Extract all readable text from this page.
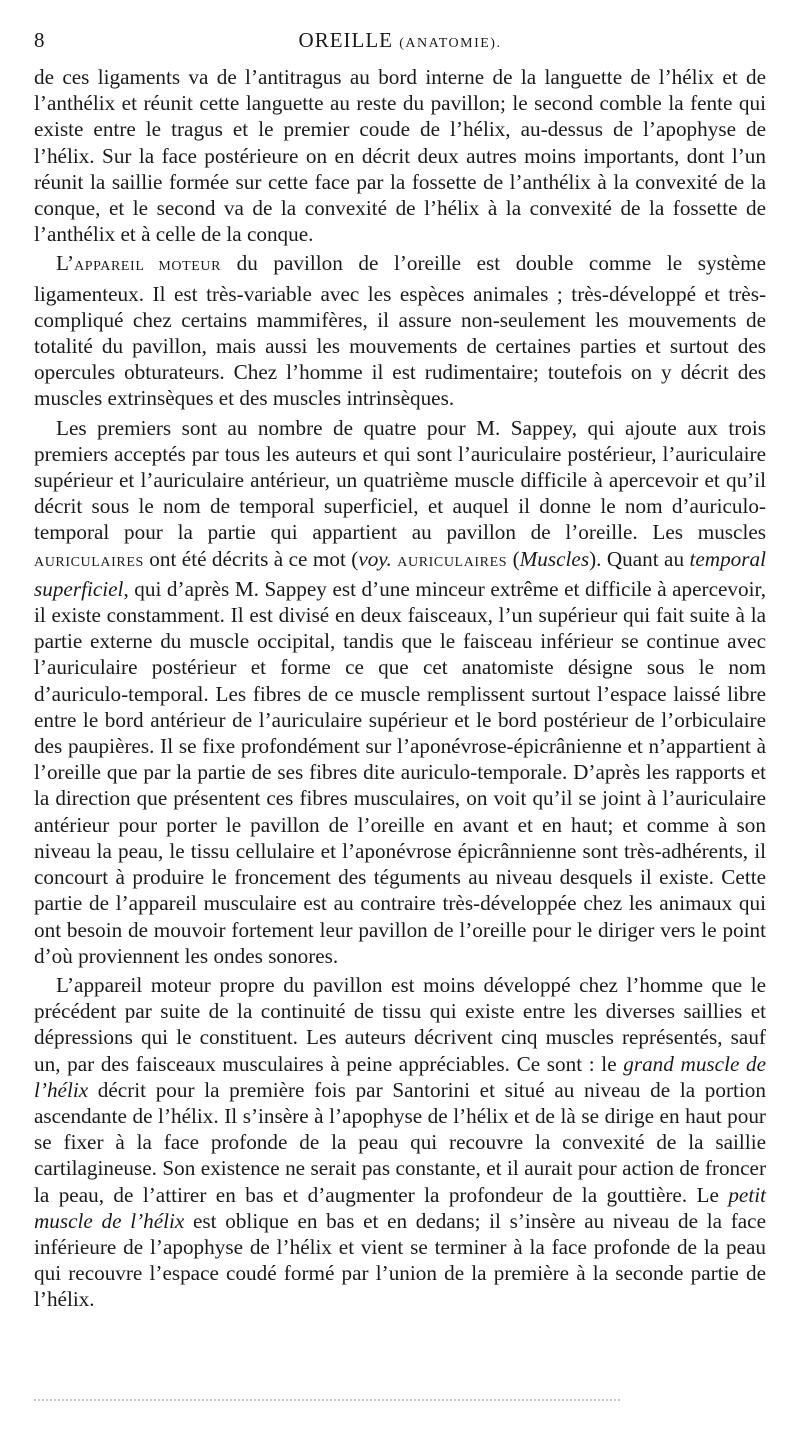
8	OREILLE (ANATOMIE).

de ces ligaments va de l’antitragus au bord interne de la languette de l’hélix et de l’anthélix et réunit cette languette au reste du pavillon; le second comble la fente qui existe entre le tragus et le premier coude de l’hélix, au-dessus de l’apophyse de l’hélix. Sur la face postérieure on en décrit deux autres moins importants, dont l’un réunit la saillie formée sur cette face par la fossette de l’anthélix à la convexité de la conque, et le second va de la convexité de l’hélix à la convexité de la fossette de l’anthélix et à celle de la conque.

L’APPAREIL MOTEUR du pavillon de l’oreille est double comme le système ligamenteux. Il est très-variable avec les espèces animales ; très-développé et très-compliqué chez certains mammifères, il assure non-seulement les mouvements de totalité du pavillon, mais aussi les mouvements de certaines parties et surtout des opercules obturateurs. Chez l’homme il est rudimentaire; toutefois on y décrit des muscles extrinsèques et des muscles intrinsèques.

Les premiers sont au nombre de quatre pour M. Sappey, qui ajoute aux trois premiers acceptés par tous les auteurs et qui sont l’auriculaire postérieur, l’auriculaire supérieur et l’auriculaire antérieur, un quatrième muscle difficile à apercevoir et qu’il décrit sous le nom de temporal superficiel, et auquel il donne le nom d’auriculo-temporal pour la partie qui appartient au pavillon de l’oreille. Les muscles AURICULAIRES ont été décrits à ce mot (voy. AURICULAIRES (Muscles). Quant au temporal superficiel, qui d’après M. Sappey est d’une minceur extrême et difficile à apercevoir, il existe constamment. Il est divisé en deux faisceaux, l’un supérieur qui fait suite à la partie externe du muscle occipital, tandis que le faisceau inférieur se continue avec l’auriculaire postérieur et forme ce que cet anatomiste désigne sous le nom d’auriculo-temporal. Les fibres de ce muscle remplissent surtout l’espace laissé libre entre le bord antérieur de l’auriculaire supérieur et le bord postérieur de l’orbiculaire des paupières. Il se fixe profondément sur l’aponévrose-épicrânienne et n’appartient à l’oreille que par la partie de ses fibres dite auriculo-temporale. D’après les rapports et la direction que présentent ces fibres musculaires, on voit qu’il se joint à l’auriculaire antérieur pour porter le pavillon de l’oreille en avant et en haut; et comme à son niveau la peau, le tissu cellulaire et l’aponévrose épicrânnienne sont très-adhérents, il concourt à produire le froncement des téguments au niveau desquels il existe. Cette partie de l’appareil musculaire est au contraire très-développée chez les animaux qui ont besoin de mouvoir fortement leur pavillon de l’oreille pour le diriger vers le point d’où proviennent les ondes sonores.

L’appareil moteur propre du pavillon est moins développé chez l’homme que le précédent par suite de la continuité de tissu qui existe entre les diverses saillies et dépressions qui le constituent. Les auteurs décrivent cinq muscles représentés, sauf un, par des faisceaux musculaires à peine appréciables. Ce sont : le grand muscle de l’hélix décrit pour la première fois par Santorini et situé au niveau de la portion ascendante de l’hélix. Il s’insère à l’apophyse de l’hélix et de là se dirige en haut pour se fixer à la face profonde de la peau qui recouvre la convexité de la saillie cartilagineuse. Son existence ne serait pas constante, et il aurait pour action de froncer la peau, de l’attirer en bas et d’augmenter la profondeur de la gouttière. Le petit muscle de l’hélix est oblique en bas et en dedans; il s’insère au niveau de la face inférieure de l’apophyse de l’hélix et vient se terminer à la face profonde de la peau qui recouvre l’espace coudé formé par l’union de la première à la seconde partie de l’hélix.
